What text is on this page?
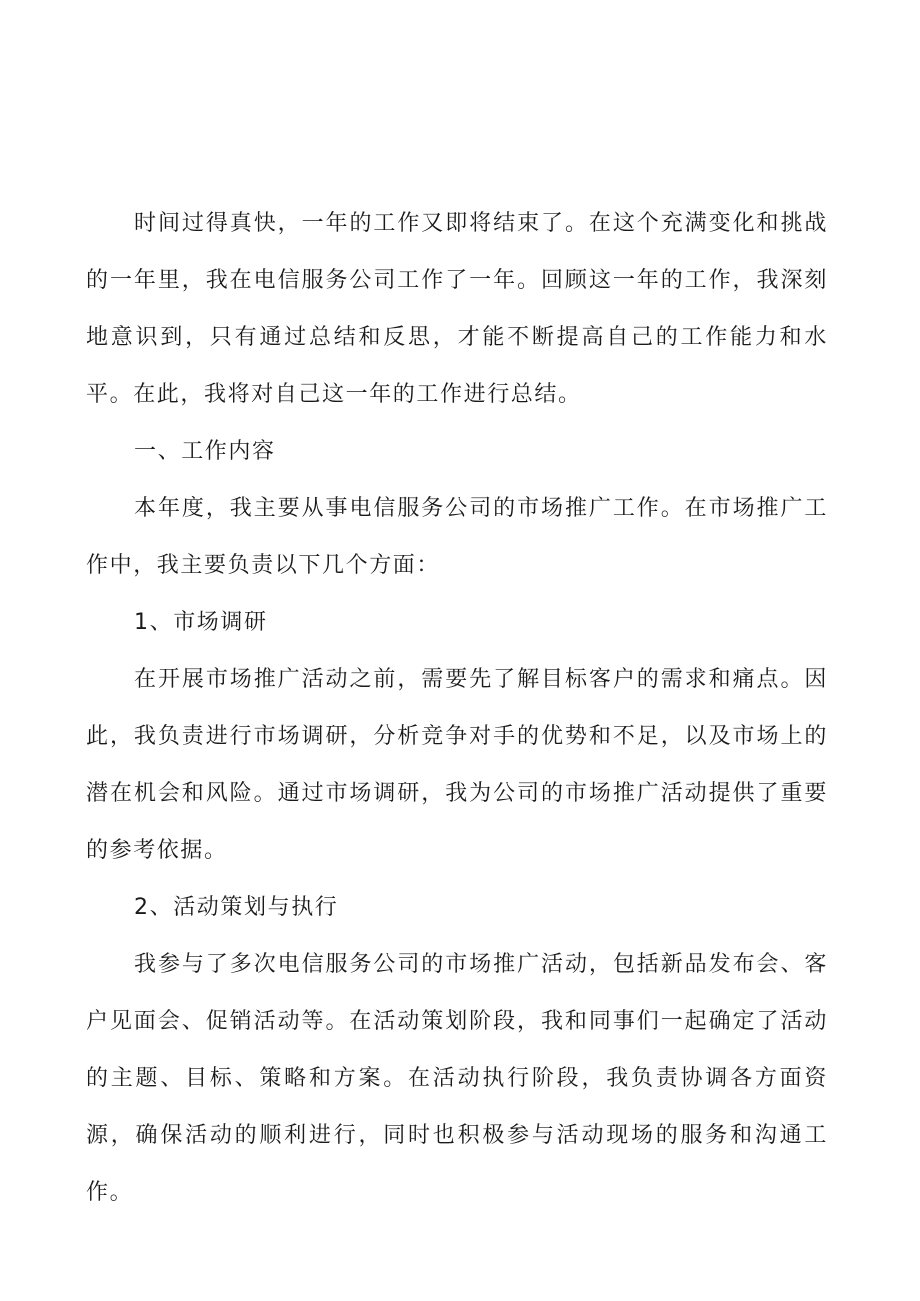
时间过得真快，一年的工作又即将结束了。在这个充满变化和挑战的一年里，我在电信服务公司工作了一年。回顾这一年的工作，我深刻地意识到，只有通过总结和反思，才能不断提高自己的工作能力和水平。在此，我将对自己这一年的工作进行总结。

一、工作内容

本年度，我主要从事电信服务公司的市场推广工作。在市场推广工作中，我主要负责以下几个方面：

1、市场调研

在开展市场推广活动之前，需要先了解目标客户的需求和痛点。因此，我负责进行市场调研，分析竞争对手的优势和不足，以及市场上的潜在机会和风险。通过市场调研，我为公司的市场推广活动提供了重要的参考依据。

2、活动策划与执行

我参与了多次电信服务公司的市场推广活动，包括新品发布会、客户见面会、促销活动等。在活动策划阶段，我和同事们一起确定了活动的主题、目标、策略和方案。在活动执行阶段，我负责协调各方面资源，确保活动的顺利进行，同时也积极参与活动现场的服务和沟通工作。
